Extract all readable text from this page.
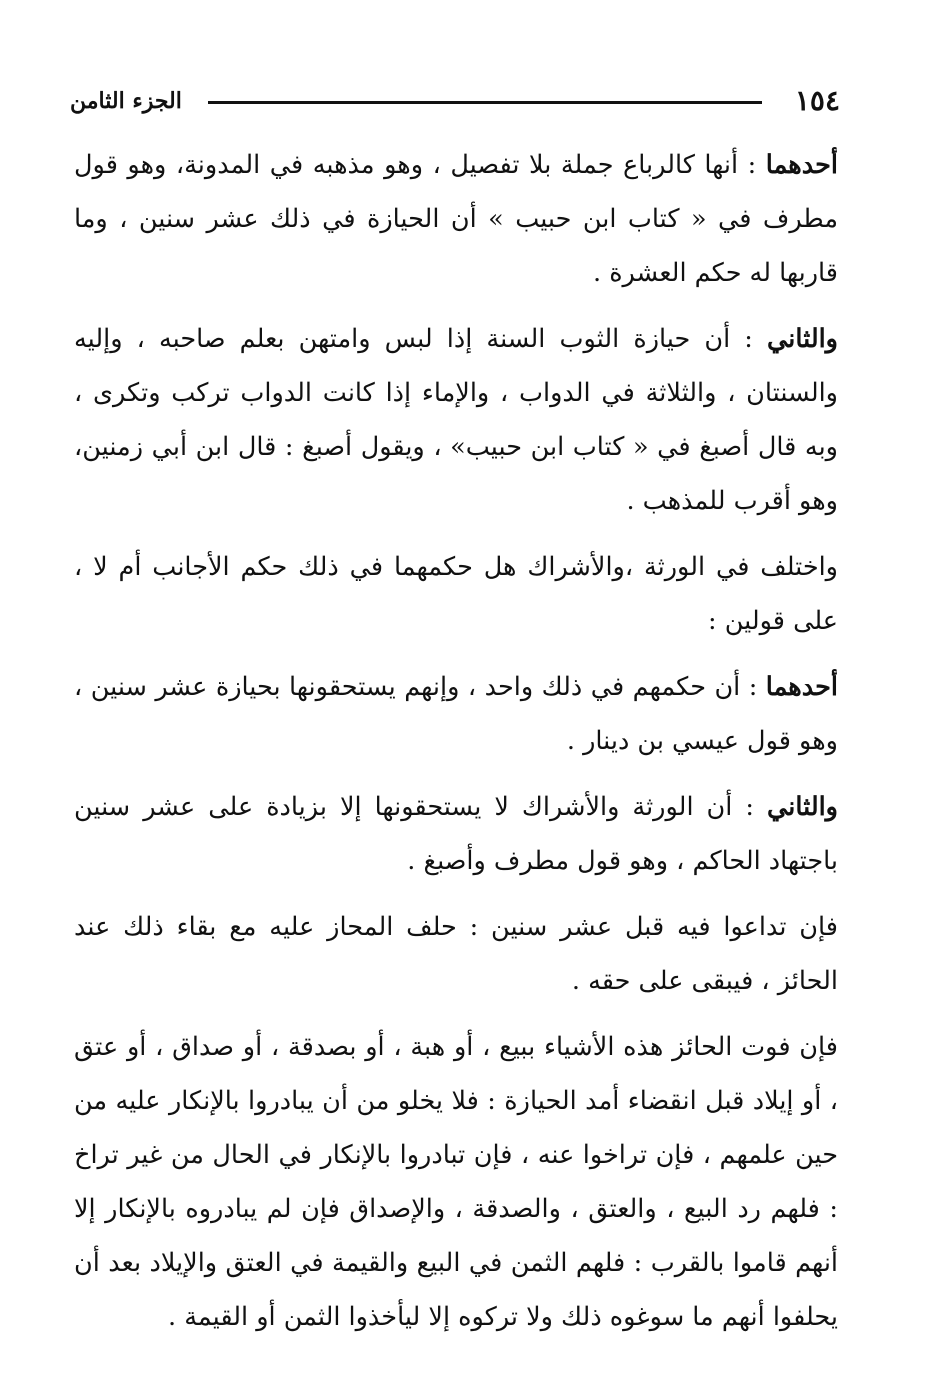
١٥٤
الجزء الثامن

أحدهما : أنها كالرباع جملة بلا تفصيل ، وهو مذهبه في المدونة، وهو قول مطرف في « كتاب ابن حبيب » أن الحيازة في ذلك عشر سنين ، وما قاربها له حكم العشرة .

والثاني : أن حيازة الثوب السنة إذا لبس وامتهن بعلم صاحبه ، وإليه والسنتان ، والثلاثة في الدواب ، والإماء إذا كانت الدواب تركب وتكرى ، وبه قال أصبغ في « كتاب ابن حبيب» ، ويقول أصبغ : قال ابن أبي زمنين، وهو أقرب للمذهب .

واختلف في الورثة ،والأشراك هل حكمهما في ذلك حكم الأجانب أم لا ، على قولين :

أحدهما : أن حكمهم في ذلك واحد ، وإنهم يستحقونها بحيازة عشر سنين ، وهو قول عيسي بن دينار .

والثاني : أن الورثة والأشراك لا يستحقونها إلا بزيادة على عشر سنين باجتهاد الحاكم ، وهو قول مطرف وأصبغ .

فإن تداعوا فيه قبل عشر سنين : حلف المحاز عليه مع بقاء ذلك عند الحائز ، فيبقى على حقه .

فإن فوت الحائز هذه الأشياء ببيع ، أو هبة ، أو بصدقة ، أو صداق ، أو عتق ، أو إيلاد قبل انقضاء أمد الحيازة : فلا يخلو من أن يبادروا بالإنكار عليه من حين علمهم ، فإن تراخوا عنه ، فإن تبادروا بالإنكار في الحال من غير تراخ : فلهم رد البيع ، والعتق ، والصدقة ، والإصداق فإن لم يبادروه بالإنكار إلا أنهم قاموا بالقرب : فلهم الثمن في البيع والقيمة في العتق والإيلاد بعد أن يحلفوا أنهم ما سوغوه ذلك ولا تركوه إلا ليأخذوا الثمن أو القيمة .
